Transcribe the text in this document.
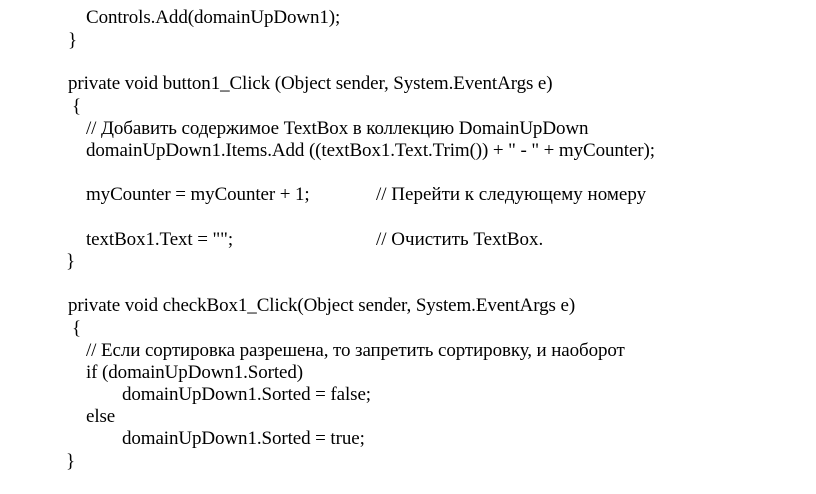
Controls.Add(domainUpDown1);
}
private void button1_Click (Object sender, System.EventArgs e)
{
// Добавить содержимое TextBox в коллекцию DomainUpDown
domainUpDown1.Items.Add ((textBox1.Text.Trim()) + " - " + myCounter);
myCounter = myCounter + 1;	// Перейти к следующему номеру
textBox1.Text = "";	// Очистить TextBox.
}
private void checkBox1_Click(Object sender, System.EventArgs e)
{
// Если сортировка разрешена, то запретить сортировку, и наоборот
if (domainUpDown1.Sorted)
domainUpDown1.Sorted = false;
else
domainUpDown1.Sorted = true;
}
